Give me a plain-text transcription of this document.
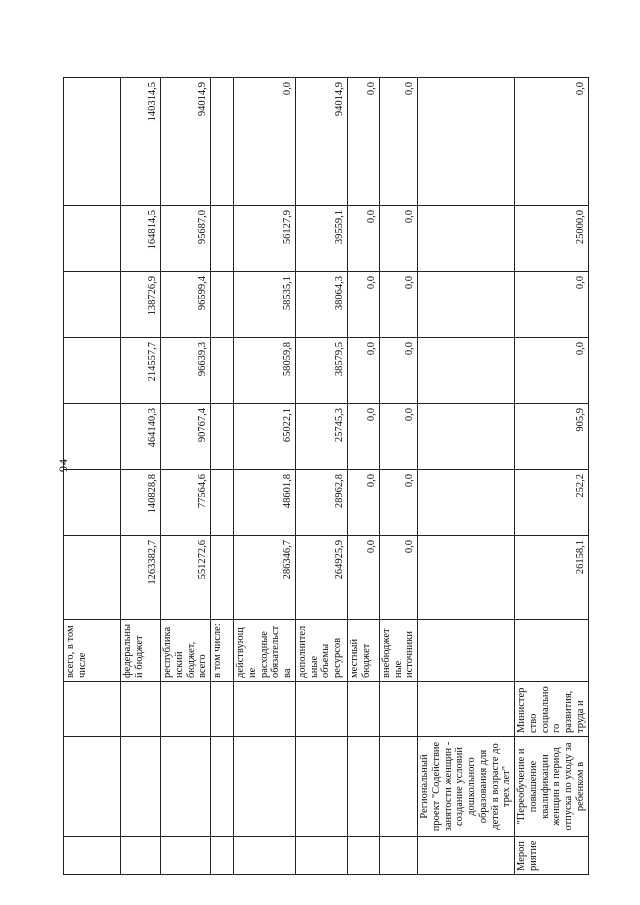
94
			всего, в том числе							
			федеральный бюджет	1263382,7	140828,8	464140,3	214557,7	138726,9	164814,5	140314,5
			республиканский бюджет, всего	551272,6	77564,6	90767,4	96639,3	96599,4	95687,0	94014,9
			в том числе:							
			действующие расходные обязательства	286346,7	48601,8	65022,1	58059,8	58535,1	56127,9	0,0
			дополнительные объемы ресурсов	264925,9	28962,8	25745,3	38579,5	38064,3	39559,1	94014,9
			местный бюджет	0,0	0,0	0,0	0,0	0,0	0,0	0,0
			внебюджетные источники	0,0	0,0	0,0	0,0	0,0	0,0	0,0
	Региональный проект "Содействие занятости женщин - создание условий дошкольного образования для детей в возрасте до трех лет"									
Мероприятие	"Переобучение и повышение квалификации женщин в период отпуска по уходу за ребенком в	Министерство социального развития, труда и		26158,1	252,2	905,9	0,0	0,0	25000,0	0,0
